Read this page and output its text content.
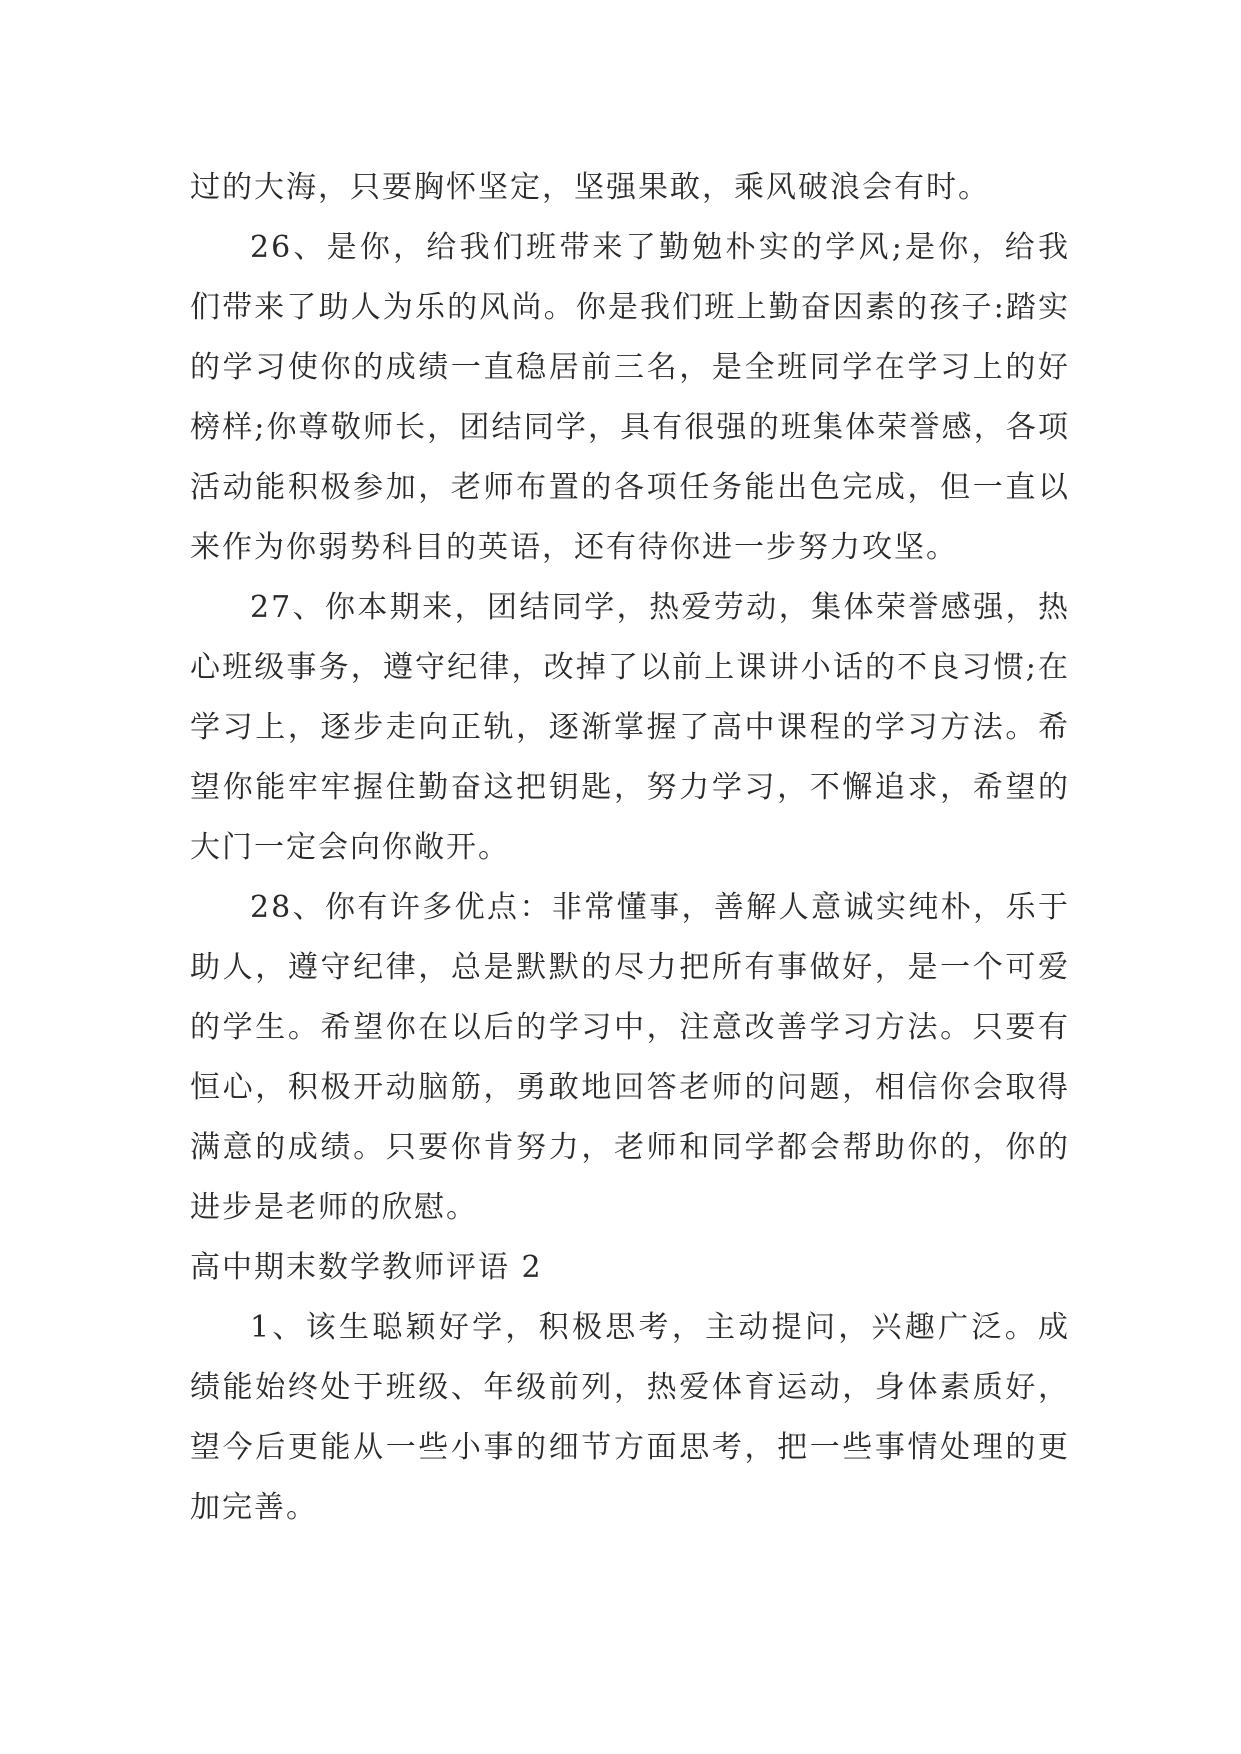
过的大海，只要胸怀坚定，坚强果敢，乘风破浪会有时。

26、是你，给我们班带来了勤勉朴实的学风;是你，给我们带来了助人为乐的风尚。你是我们班上勤奋因素的孩子:踏实的学习使你的成绩一直稳居前三名，是全班同学在学习上的好榜样;你尊敬师长，团结同学，具有很强的班集体荣誉感，各项活动能积极参加，老师布置的各项任务能出色完成，但一直以来作为你弱势科目的英语，还有待你进一步努力攻坚。

27、你本期来，团结同学，热爱劳动，集体荣誉感强，热心班级事务，遵守纪律，改掉了以前上课讲小话的不良习惯;在学习上，逐步走向正轨，逐渐掌握了高中课程的学习方法。希望你能牢牢握住勤奋这把钥匙，努力学习，不懈追求，希望的大门一定会向你敞开。

28、你有许多优点：非常懂事，善解人意诚实纯朴，乐于助人，遵守纪律，总是默默的尽力把所有事做好，是一个可爱的学生。希望你在以后的学习中，注意改善学习方法。只要有恒心，积极开动脑筋，勇敢地回答老师的问题，相信你会取得满意的成绩。只要你肯努力，老师和同学都会帮助你的，你的进步是老师的欣慰。

高中期末数学教师评语 2

1、该生聪颖好学，积极思考，主动提问，兴趣广泛。成绩能始终处于班级、年级前列，热爱体育运动，身体素质好，望今后更能从一些小事的细节方面思考，把一些事情处理的更加完善。
